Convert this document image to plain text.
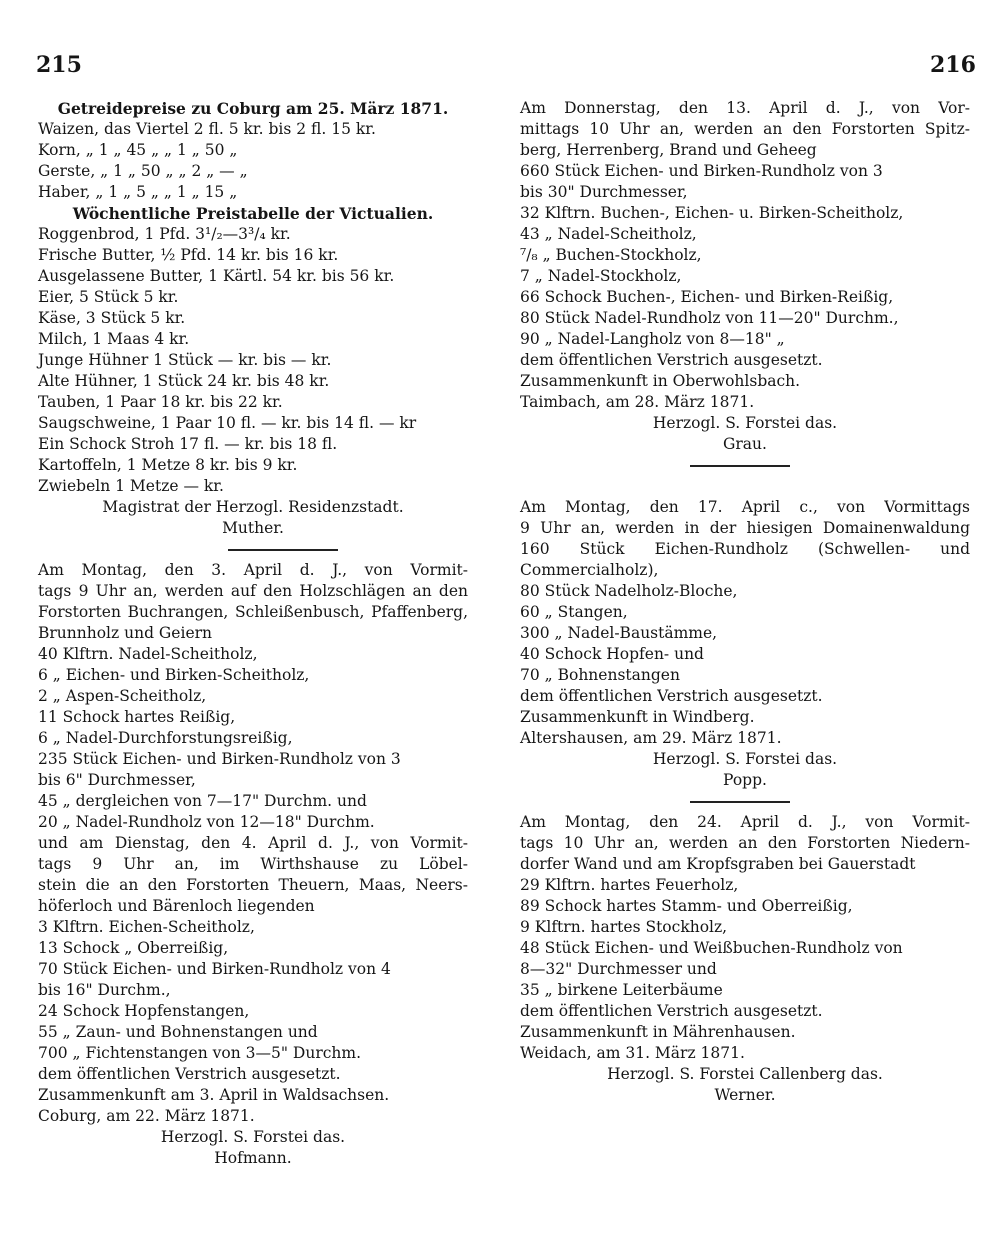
215	216
Getreidepreise zu Coburg am 25. März 1871.
Waizen, das Viertel 2 fl. 5 kr. bis 2 fl. 15 kr.
Korn, „ 1 „ 45 „ „ 1 „ 50 „
Gerste, „ 1 „ 50 „ „ 2 „ — „
Haber, „ 1 „ 5 „ „ 1 „ 15 „
Wöchentliche Preistabelle der Victualien.
Roggenbrod, 1 Pfd. 3¹/₂—3³/₄ kr.
Frische Butter, ½ Pfd. 14 kr. bis 16 kr.
Ausgelassene Butter, 1 Kärtl. 54 kr. bis 56 kr.
Eier, 5 Stück 5 kr.
Käse, 3 Stück 5 kr.
Milch, 1 Maas 4 kr.
Junge Hühner 1 Stück — kr. bis — kr.
Alte Hühner, 1 Stück 24 kr. bis 48 kr.
Tauben, 1 Paar 18 kr. bis 22 kr.
Saugschweine, 1 Paar 10 fl. — kr. bis 14 fl. — kr
Ein Schock Stroh 17 fl. — kr. bis 18 fl.
Kartoffeln, 1 Metze 8 kr. bis 9 kr.
Zwiebeln 1 Metze — kr.
Magistrat der Herzogl. Residenzstadt.
Muther.
Am Montag, den 3. April d. J., von Vormit-
tags 9 Uhr an, werden auf den Holzschlägen an den
Forstorten Buchrangen, Schleißenbusch, Pfaffenberg,
Brunnholz und Geiern
40 Klftrn. Nadel-Scheitholz,
6 „ Eichen- und Birken-Scheitholz,
2 „ Aspen-Scheitholz,
11 Schock hartes Reißig,
6 „ Nadel-Durchforstungsreißig,
235 Stück Eichen- und Birken-Rundholz von 3
bis 6" Durchmesser,
45 „ dergleichen von 7—17" Durchm. und
20 „ Nadel-Rundholz von 12—18" Durchm.
und am Dienstag, den 4. April d. J., von Vormit-
tags 9 Uhr an, im Wirthshause zu Löbel-
stein die an den Forstorten Theuern, Maas, Neers-
höferloch und Bärenloch liegenden
3 Klftrn. Eichen-Scheitholz,
13 Schock „ Oberreißig,
70 Stück Eichen- und Birken-Rundholz von 4
bis 16" Durchm.,
24 Schock Hopfenstangen,
55 „ Zaun- und Bohnenstangen und
700 „ Fichtenstangen von 3—5" Durchm.
dem öffentlichen Verstrich ausgesetzt.
Zusammenkunft am 3. April in Waldsachsen.
Coburg, am 22. März 1871.
Herzogl. S. Forstei das.
Hofmann.
Am Donnerstag, den 13. April d. J., von Vor-
mittags 10 Uhr an, werden an den Forstorten Spitz-
berg, Herrenberg, Brand und Geheeg
660 Stück Eichen- und Birken-Rundholz von 3
bis 30" Durchmesser,
32 Klftrn. Buchen-, Eichen- u. Birken-Scheitholz,
43 „ Nadel-Scheitholz,
⁷/₈ „ Buchen-Stockholz,
7 „ Nadel-Stockholz,
66 Schock Buchen-, Eichen- und Birken-Reißig,
80 Stück Nadel-Rundholz von 11—20" Durchm.,
90 „ Nadel-Langholz von 8—18" „
dem öffentlichen Verstrich ausgesetzt.
Zusammenkunft in Oberwohlsbach.
Taimbach, am 28. März 1871.
Herzogl. S. Forstei das.
Grau.
Am Montag, den 17. April c., von Vormittags
9 Uhr an, werden in der hiesigen Domainenwaldung
160 Stück Eichen-Rundholz (Schwellen- und
Commercialholz),
80 Stück Nadelholz-Bloche,
60 „ Stangen,
300 „ Nadel-Baustämme,
40 Schock Hopfen- und
70 „ Bohnenstangen
dem öffentlichen Verstrich ausgesetzt.
Zusammenkunft in Windberg.
Altershausen, am 29. März 1871.
Herzogl. S. Forstei das.
Popp.
Am Montag, den 24. April d. J., von Vormit-
tags 10 Uhr an, werden an den Forstorten Niedern-
dorfer Wand und am Kropfsgraben bei Gauerstadt
29 Klftrn. hartes Feuerholz,
89 Schock hartes Stamm- und Oberreißig,
9 Klftrn. hartes Stockholz,
48 Stück Eichen- und Weißbuchen-Rundholz von
8—32" Durchmesser und
35 „ birkene Leiterbäume
dem öffentlichen Verstrich ausgesetzt.
Zusammenkunft in Mährenhausen.
Weidach, am 31. März 1871.
Herzogl. S. Forstei Callenberg das.
Werner.
